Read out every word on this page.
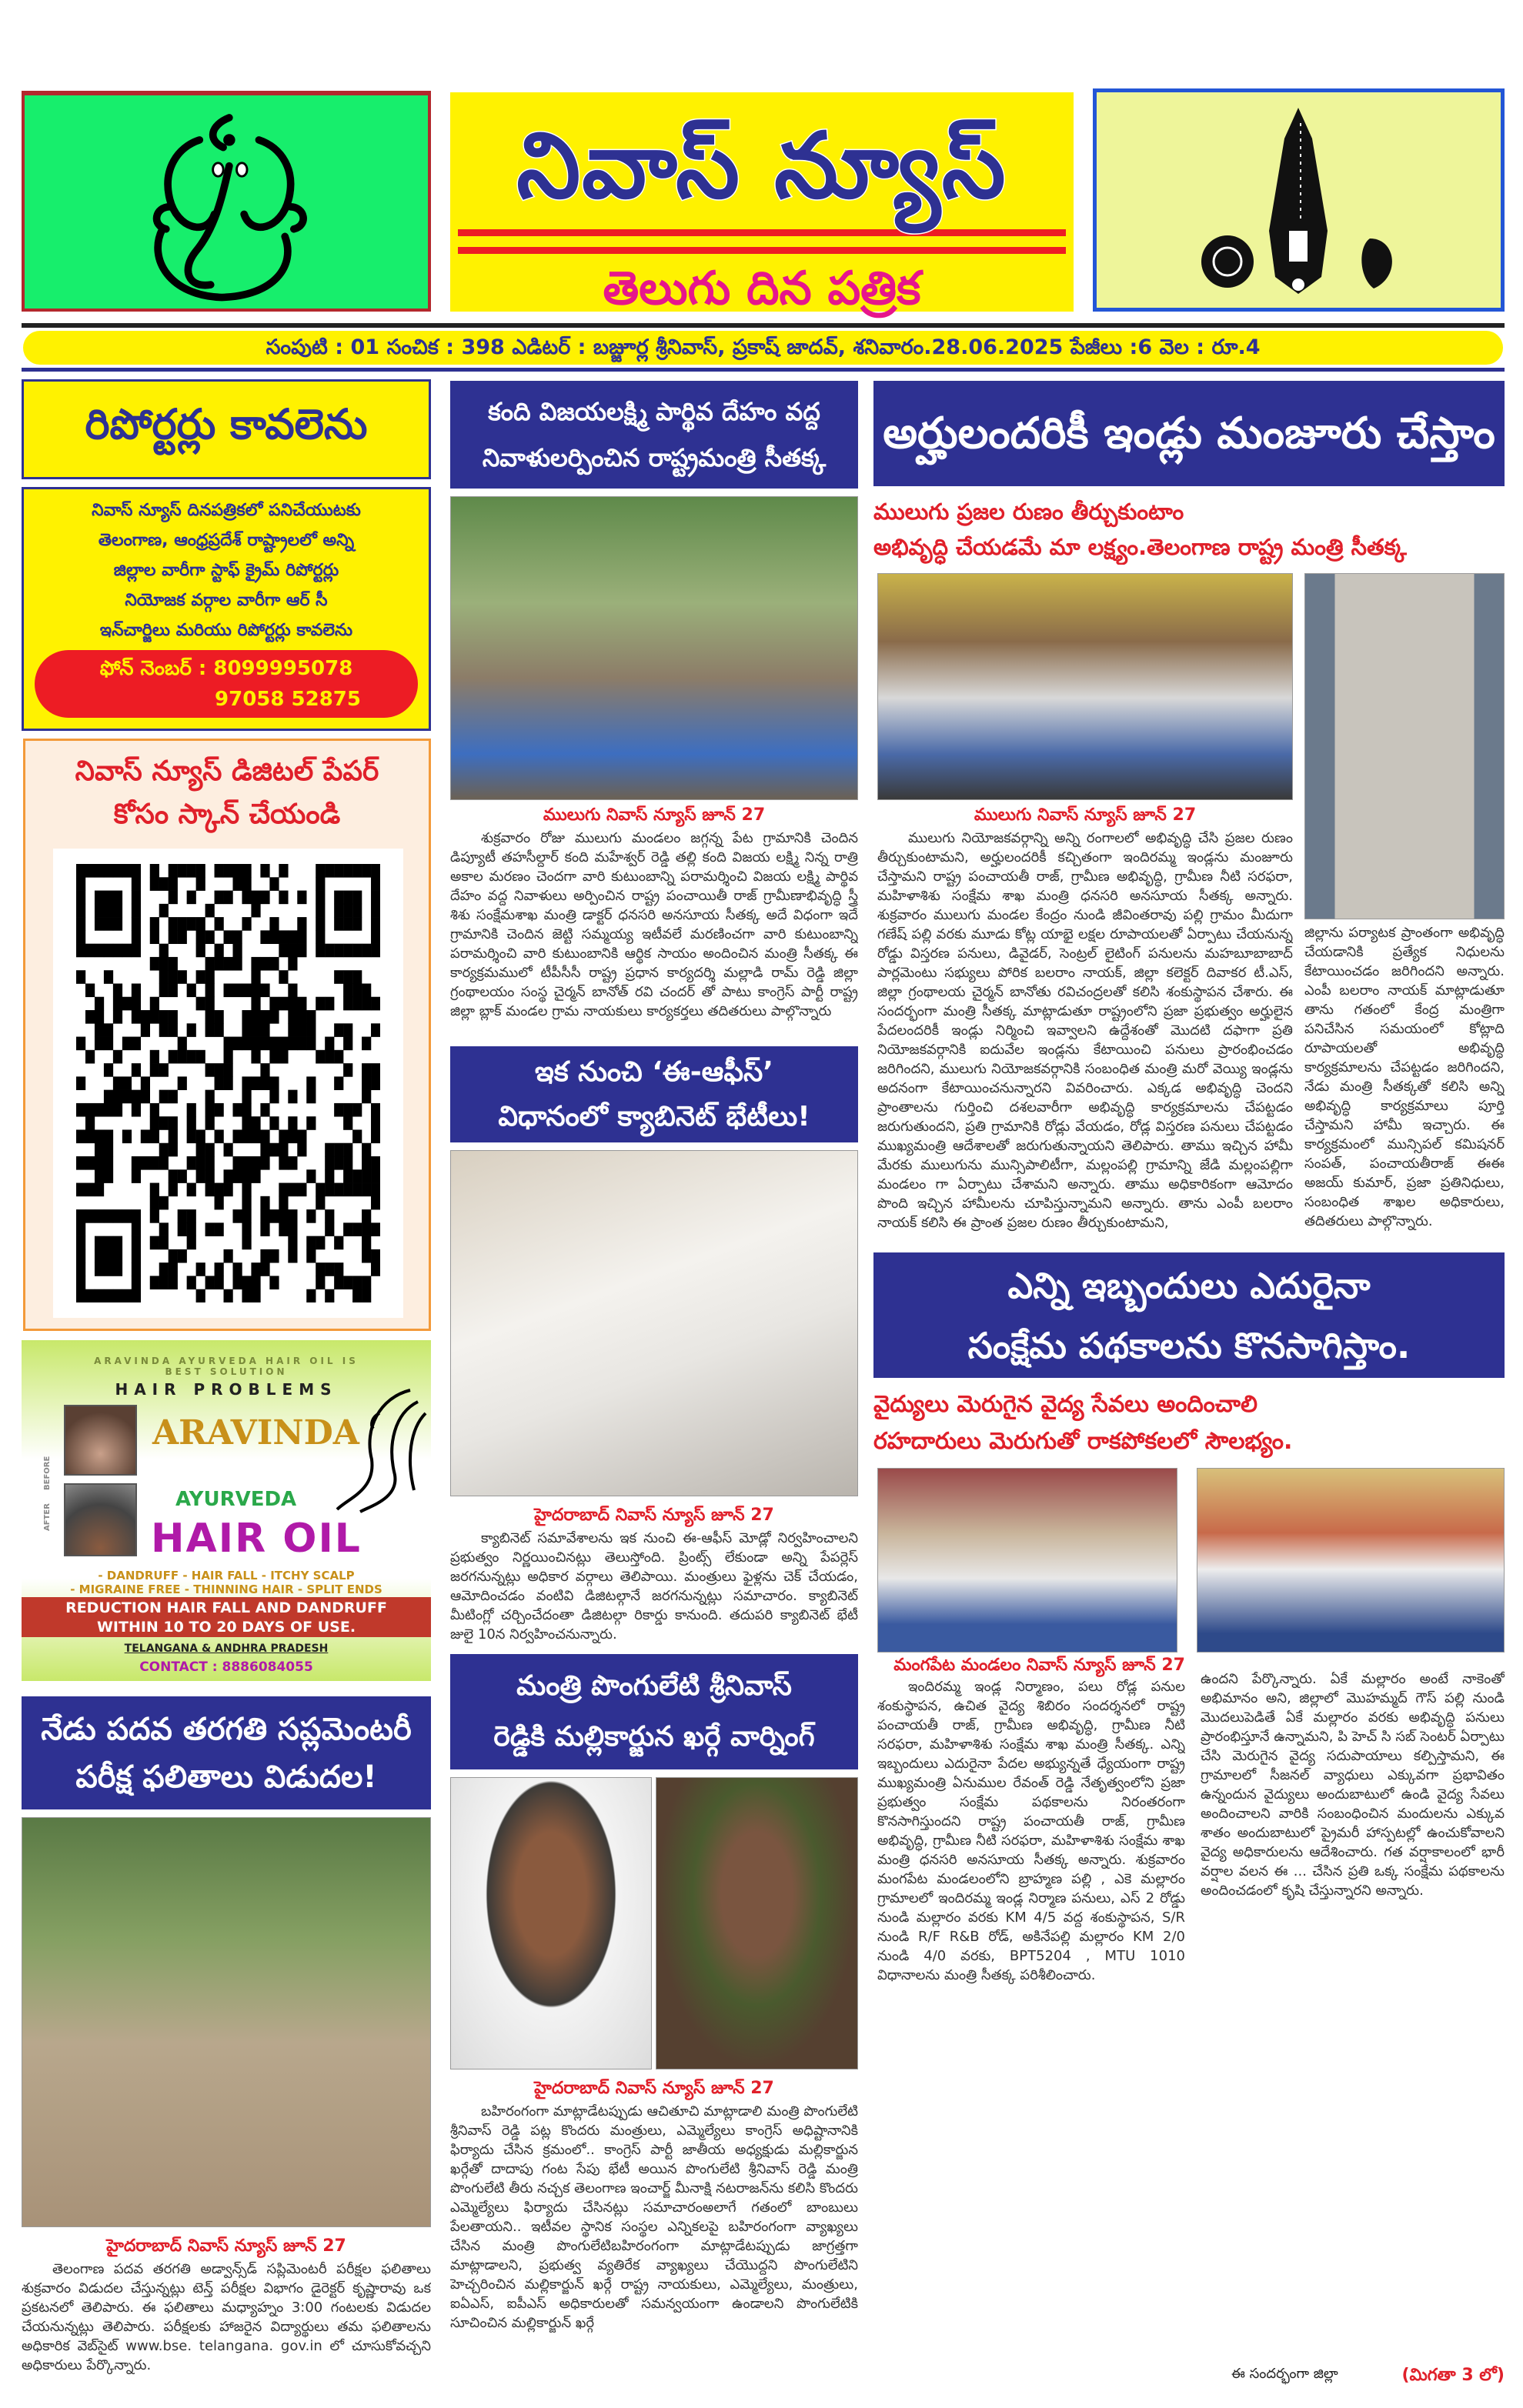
నివాస్ న్యూస్
తెలుగు దిన పత్రిక
సంపుటి : 01 సంచిక : 398 ఎడిటర్ : బజ్జూర్ల శ్రీనివాస్, ప్రకాష్ జాదవ్, శనివారం.28.06.2025 పేజీలు :6 వెల : రూ.4
రిపోర్టర్లు కావలెను
నివాస్ న్యూస్ దినపత్రికలో పనిచేయుటకు
తెలంగాణ, ఆంధ్రప్రదేశ్ రాష్ట్రాలలో అన్ని
జిల్లాల వారీగా స్టాఫ్ క్రైమ్ రిపోర్టర్లు
నియోజక వర్గాల వారీగా ఆర్ సీ
ఇన్‌చార్జిలు మరియు రిపోర్టర్లు కావలెను
ఫోన్ నెంబర్ : 8099995078
97058 52875
నివాస్ న్యూస్ డిజిటల్ పేపర్
కోసం స్కాన్ చేయండి
ARAVINDA AYURVEDA HAIR OIL IS
BEST SOLUTION
HAIR PROBLEMS
BEFORE
AFTER
ARAVINDA
AYURVEDA
HAIR OIL
- DANDRUFF - HAIR FALL - ITCHY SCALP
- MIGRAINE FREE - THINNING HAIR - SPLIT ENDS
REDUCTION HAIR FALL AND DANDRUFF
WITHIN 10 TO 20 DAYS OF USE.
TELANGANA & ANDHRA PRADESH
CONTACT : 8886084055
నేడు పదవ తరగతి సప్లమెంటరీ
పరీక్ష ఫలితాలు విడుదల!
హైదరాబాద్ నివాస్ న్యూస్ జూన్ 27

తెలంగాణ పదవ తరగతి అడ్వాన్స్‌డ్ సప్లిమెంటరీ పరీక్షల ఫలితాలు శుక్రవారం విడుదల చేస్తున్నట్లు టెన్త్ పరీక్షల విభాగం డైరెక్టర్ కృష్ణారావు ఒక ప్రకటనలో తెలిపారు. ఈ ఫలితాలు మధ్యాహ్నం 3:00 గంటలకు విడుదల చేయనున్నట్లు తెలిపారు. పరీక్షలకు హాజరైన విద్యార్థులు తమ ఫలితాలను అధికారిక వెబ్‌సైట్ www.bse. telangana. gov.in లో చూసుకోవచ్చని అధికారులు పేర్కొన్నారు.

కంది విజయలక్ష్మి పార్థివ దేహం వద్ద
నివాళులర్పించిన రాష్ట్రమంత్రి సీతక్క
ములుగు నివాస్ న్యూస్ జూన్ 27

శుక్రవారం రోజు ములుగు మండలం జగ్గన్న పేట గ్రామానికి చెందిన డిప్యూటీ తహసీల్దార్ కంది మహేశ్వర్ రెడ్డి తల్లి కంది విజయ లక్ష్మి నిన్న రాత్రి అకాల మరణం చెందగా వారి కుటుంబాన్ని పరామర్శించి విజయ లక్ష్మి పార్థివ దేహం వద్ద నివాళులు అర్పించిన రాష్ట్ర పంచాయితీ రాజ్ గ్రామీణాభివృద్ధి స్త్రీ శిశు సంక్షేమశాఖ మంత్రి డాక్టర్ ధనసరి అనసూయ సీతక్క అదే విధంగా ఇదే గ్రామానికి చెందిన జెట్టి సమ్మయ్య ఇటీవలే మరణించగా వారి కుటుంబాన్ని పరామర్శించి వారి కుటుంబానికి ఆర్థిక సాయం అందించిన మంత్రి సీతక్క ఈ కార్యక్రమములో టీపీసీసీ రాష్ట్ర ప్రధాన కార్యదర్శి మల్లాడి రామ్ రెడ్డి జిల్లా గ్రంథాలయం సంస్థ చైర్మన్ బానోత్ రవి చందర్ తో పాటు కాంగ్రెస్ పార్టీ రాష్ట్ర జిల్లా బ్లాక్ మండల గ్రామ నాయకులు కార్యకర్తలు తదితరులు పాల్గొన్నారు

ఇక నుంచి ‘ఈ-ఆఫీస్’
విధానంలో క్యాబినెట్ భేటీలు!
హైదరాబాద్ నివాస్ న్యూస్ జూన్ 27

క్యాబినెట్ సమావేశాలను ఇక నుంచి ఈ-ఆఫీస్ మోడ్లో నిర్వహించాలని ప్రభుత్వం నిర్ణయించినట్లు తెలుస్తోంది. ప్రింట్స్ లేకుండా అన్ని పేపర్లెస్ జరగనున్నట్లు అధికార వర్గాలు తెలిపాయి. మంత్రులు ఫైళ్లను చెక్ చేయడం, ఆమోదించడం వంటివి డిజిటల్గానే జరగనున్నట్లు సమాచారం. క్యాబినెట్ మీటింగ్లో చర్చించేదంతా డిజిటల్గా రికార్డు కానుంది. తదుపరి క్యాబినెట్ భేటీ జులై 10న నిర్వహించనున్నారు.

మంత్రి పొంగులేటి శ్రీనివాస్
రెడ్డికి మల్లికార్జున ఖర్గే వార్నింగ్
హైదరాబాద్ నివాస్ న్యూస్ జూన్ 27

బహిరంగంగా మాట్లాడేటప్పుడు ఆచితూచి మాట్లాడాలి మంత్రి పొంగులేటి శ్రీనివాస్ రెడ్డి పట్ల కొందరు మంత్రులు, ఎమ్మెల్యేలు కాంగ్రెస్ అధిష్టానానికి ఫిర్యాదు చేసిన క్రమంలో.. కాంగ్రెస్ పార్టీ జాతీయ అధ్యక్షుడు మల్లికార్జున ఖర్గేతో దాదాపు గంట సేపు భేటీ అయిన పొంగులేటి శ్రీనివాస్ రెడ్డి మంత్రి పొంగులేటి తీరు నచ్చక తెలంగాణ ఇంచార్జ్ మీనాక్షి నటరాజన్‌ను కలిసి కొందరు ఎమ్మెల్యేలు ఫిర్యాదు చేసినట్లు సమాచారంఅలాగే గతంలో బాంబులు పేలతాయని.. ఇటీవల స్థానిక సంస్థల ఎన్నికలపై బహిరంగంగా వ్యాఖ్యలు చేసిన మంత్రి పొంగులేటిబహిరంగంగా మాట్లాడేటప్పుడు జాగ్రత్తగా మాట్లాడాలని, ప్రభుత్వ వ్యతిరేక వ్యాఖ్యలు చేయొద్దని పొంగులేటిని హెచ్చరించిన మల్లికార్జున్ ఖర్గే రాష్ట్ర నాయకులు, ఎమ్మెల్యేలు, మంత్రులు, ఐఏఎస్, ఐపీఎస్ అధికారులతో సమన్వయంగా ఉండాలని పొంగులేటికి సూచించిన మల్లికార్జున్ ఖర్గే

అర్హులందరికీ ఇండ్లు మంజూరు చేస్తాం
ములుగు ప్రజల రుణం తీర్చుకుంటాం
అభివృద్ధి చేయడమే మా లక్ష్యం.తెలంగాణ రాష్ట్ర మంత్రి సీతక్క
ములుగు నివాస్ న్యూస్ జూన్ 27

ములుగు నియోజకవర్గాన్ని అన్ని రంగాలలో అభివృద్ధి చేసి ప్రజల రుణం తీర్చుకుంటామని, అర్హులందరికీ కచ్చితంగా ఇందిరమ్మ ఇండ్లను మంజూరు చేస్తామని రాష్ట్ర పంచాయతీ రాజ్, గ్రామీణ అభివృద్ధి, గ్రామీణ నీటి సరఫరా, మహిళాశిశు సంక్షేమ శాఖ మంత్రి ధనసరి అనసూయ సీతక్క అన్నారు. శుక్రవారం ములుగు మండల కేంద్రం నుండి జీవింతరావు పల్లి గ్రామం మీదుగా గణేష్ పల్లి వరకు మూడు కోట్ల యాభై లక్షల రూపాయలతో ఏర్పాటు చేయనున్న రోడ్డు విస్తరణ పనులు, డివైడర్, సెంట్రల్ లైటింగ్ పనులను మహబూబాబాద్ పార్లమెంటు సభ్యులు పోరిక బలరాం నాయక్, జిల్లా కలెక్టర్ దివాకర టీ.ఎస్, జిల్లా గ్రంథాలయ చైర్మన్ బానోతు రవిచంద్రలతో కలిసి శంకుస్థాపన చేశారు. ఈ సందర్భంగా మంత్రి సీతక్క మాట్లాడుతూ రాష్ట్రంలోని ప్రజా ప్రభుత్వం అర్హులైన పేదలందరికీ ఇండ్లు నిర్మించి ఇవ్వాలని ఉద్దేశంతో మొదటి దఫాగా ప్రతి నియోజకవర్గానికి ఐదువేల ఇండ్లను కేటాయించి పనులు ప్రారంభించడం జరిగిందని, ములుగు నియోజకవర్గానికి సంబంధిత మంత్రి మరో వెయ్యి ఇండ్లను అదనంగా కేటాయించనున్నారని వివరించారు. ఎక్కడ అభివృద్ధి చెందని ప్రాంతాలను గుర్తించి దశలవారీగా అభివృద్ధి కార్యక్రమాలను చేపట్టడం జరుగుతుందని, ప్రతి గ్రామానికి రోడ్లు వేయడం, రోడ్ల విస్తరణ పనులు చేపట్టడం ముఖ్యమంత్రి ఆదేశాలతో జరుగుతున్నాయని తెలిపారు. తాము ఇచ్చిన హామీ మేరకు ములుగును మున్సిపాలిటీగా, మల్లంపల్లి గ్రామాన్ని జేడి మల్లంపల్లిగా మండలం గా ఏర్పాటు చేశామని అన్నారు. తాము అధికారికంగా ఆమోదం పొంది ఇచ్చిన హామీలను చూపిస్తున్నామని అన్నారు. తాను ఎంపీ బలరాం నాయక్ కలిసి ఈ ప్రాంత ప్రజల రుణం తీర్చుకుంటామని,

జిల్లాను పర్యాటక ప్రాంతంగా అభివృద్ధి చేయడానికి ప్రత్యేక నిధులను కేటాయించడం జరిగిందని అన్నారు. ఎంపీ బలరాం నాయక్ మాట్లాడుతూ తాను గతంలో కేంద్ర మంత్రిగా పనిచేసిన సమయంలో కోట్లాది రూపాయలతో అభివృద్ధి కార్యక్రమాలను చేపట్టడం జరిగిందని, నేడు మంత్రి సీతక్కతో కలిసి అన్ని అభివృద్ధి కార్యక్రమాలు పూర్తి చేస్తామని హామీ ఇచ్చారు. ఈ కార్యక్రమంలో మున్సిపల్ కమిషనర్ సంపత్, పంచాయతీరాజ్ ఈఈ అజయ్ కుమార్, ప్రజా ప్రతినిధులు, సంబంధిత శాఖల అధికారులు, తదితరులు పాల్గొన్నారు.

ఎన్ని ఇబ్బందులు ఎదురైనా
సంక్షేమ పథకాలను కొనసాగిస్తాం.
వైద్యులు మెరుగైన వైద్య సేవలు అందించాలి
రహదారులు మెరుగుతో రాకపోకలలో సౌలభ్యం.
మంగపేట మండలం నివాస్ న్యూస్ జూన్ 27

ఇందిరమ్మ ఇండ్ల నిర్మాణం, పలు రోడ్ల పనుల శంకుస్థాపన, ఉచిత వైద్య శిబిరం సందర్శనలో రాష్ట్ర పంచాయతీ రాజ్, గ్రామీణ అభివృద్ధి, గ్రామీణ నీటి సరఫరా, మహిళాశిశు సంక్షేమ శాఖ మంత్రి సీతక్క. ఎన్ని ఇబ్బందులు ఎదురైనా పేదల అభ్యున్నతే ధ్యేయంగా రాష్ట్ర ముఖ్యమంత్రి ఏనుముల రేవంత్ రెడ్డి నేతృత్వంలోని ప్రజా ప్రభుత్వం సంక్షేమ పథకాలను నిరంతరంగా కొనసాగిస్తుందని రాష్ట్ర పంచాయతీ రాజ్, గ్రామీణ అభివృద్ధి, గ్రామీణ నీటి సరఫరా, మహిళాశిశు సంక్షేమ శాఖ మంత్రి ధనసరి అనసూయ సీతక్క అన్నారు. శుక్రవారం మంగపేట మండలంలోని బ్రాహ్మణ పల్లి , ఎకె మల్లారం గ్రామాలలో ఇందిరమ్మ ఇండ్ల నిర్మాణ పనులు, ఎస్ 2 రోడ్డు నుండి మల్లారం వరకు KM 4/5 వద్ద శంకుస్థాపన, S/R నుండి R/F R&B రోడ్, అకినేపల్లి మల్లారం KM 2/0 నుండి 4/0 వరకు, BPT5204 , MTU 1010 విధానాలను మంత్రి సీతక్క పరిశీలించారు.

ఉందని పేర్కొన్నారు. ఏకే మల్లారం అంటే నాకెంతో అభిమానం అని, జిల్లాలో మొహమ్మద్ గౌస్ పల్లి నుండి మొదలుపెడితే ఏకే మల్లారం వరకు అభివృద్ధి పనులు ప్రారంభిస్తూనే ఉన్నామని, పి హెచ్ సి సబ్ సెంటర్ ఏర్పాటు చేసి మెరుగైన వైద్య సదుపాయాలు కల్పిస్తామని, ఈ గ్రామాలలో సీజనల్ వ్యాధులు ఎక్కువగా ప్రభావితం ఉన్నందున వైద్యులు అందుబాటులో ఉండి వైద్య సేవలు అందించాలని వారికి సంబంధించిన మందులను ఎక్కువ శాతం అందుబాటులో ప్రైమరీ హాస్పటల్లో ఉంచుకోవాలని వైద్య అధికారులను ఆదేశించారు. గత వర్షాకాలంలో భారీ వర్షాల వలన ఈ ... చేసిన ప్రతి ఒక్క సంక్షేమ పథకాలను అందించడంలో కృషి చేస్తున్నారని అన్నారు.

ఈ సందర్భంగా జిల్లా	(మిగతా 3 లో)
